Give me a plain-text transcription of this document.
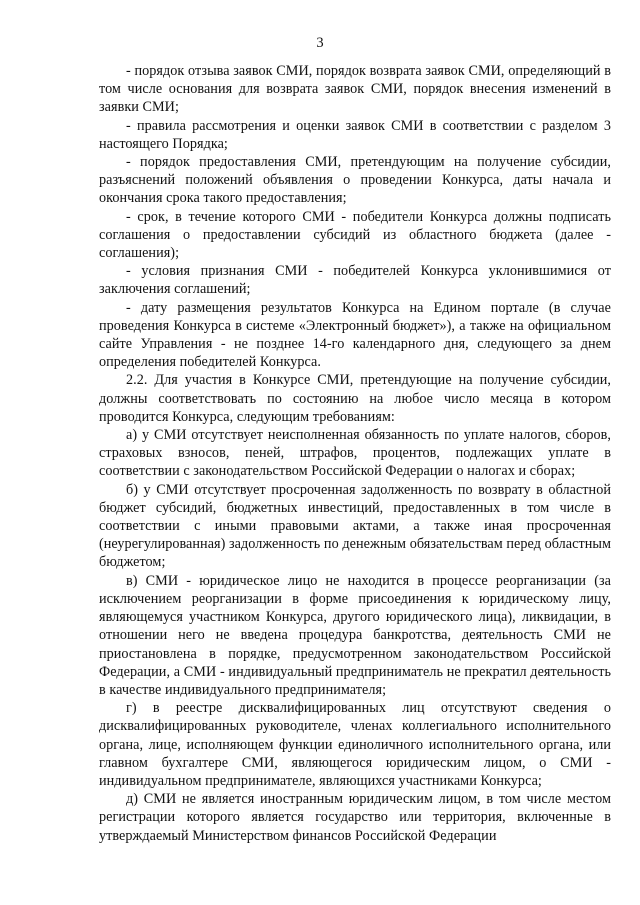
3

- порядок отзыва заявок СМИ, порядок возврата заявок СМИ, определяющий в том числе основания для возврата заявок СМИ, порядок внесения изменений в заявки СМИ;

- правила рассмотрения и оценки заявок СМИ в соответствии с разделом 3 настоящего Порядка;

- порядок предоставления СМИ, претендующим на получение субсидии, разъяснений положений объявления о проведении Конкурса, даты начала и окончания срока такого предоставления;

- срок, в течение которого СМИ - победители Конкурса должны подписать соглашения о предоставлении субсидий из областного бюджета (далее - соглашения);

- условия признания СМИ - победителей Конкурса уклонившимися от заключения соглашений;

- дату размещения результатов Конкурса на Едином портале (в случае проведения Конкурса в системе «Электронный бюджет»), а также на официальном сайте Управления - не позднее 14-го календарного дня, следующего за днем определения победителей Конкурса.

2.2. Для участия в Конкурсе СМИ, претендующие на получение субсидии, должны соответствовать по состоянию на любое число месяца в котором проводится Конкурса, следующим требованиям:

а) у СМИ отсутствует неисполненная обязанность по уплате налогов, сборов, страховых взносов, пеней, штрафов, процентов, подлежащих уплате в соответствии с законодательством Российской Федерации о налогах и сборах;

б) у СМИ отсутствует просроченная задолженность по возврату в областной бюджет субсидий, бюджетных инвестиций, предоставленных в том числе в соответствии с иными правовыми актами, а также иная просроченная (неурегулированная) задолженность по денежным обязательствам перед областным бюджетом;

в) СМИ - юридическое лицо не находится в процессе реорганизации (за исключением реорганизации в форме присоединения к юридическому лицу, являющемуся участником Конкурса, другого юридического лица), ликвидации, в отношении него не введена процедура банкротства, деятельность СМИ не приостановлена в порядке, предусмотренном законодательством Российской Федерации, а СМИ - индивидуальный предприниматель не прекратил деятельность в качестве индивидуального предпринимателя;

г) в реестре дисквалифицированных лиц отсутствуют сведения о дисквалифицированных руководителе, членах коллегиального исполнительного органа, лице, исполняющем функции единоличного исполнительного органа, или главном бухгалтере СМИ, являющегося юридическим лицом, о СМИ - индивидуальном предпринимателе, являющихся участниками Конкурса;

д) СМИ не является иностранным юридическим лицом, в том числе местом регистрации которого является государство или территория, включенные в утверждаемый Министерством финансов Российской Федерации
